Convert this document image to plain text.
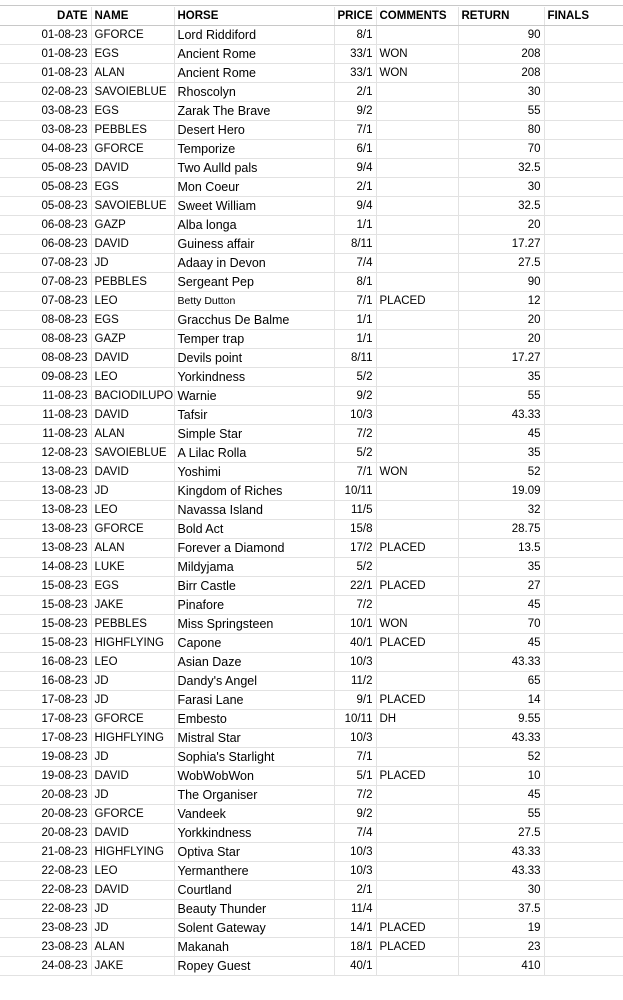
DATE	NAME	HORSE	PRICE	COMMENTS	RETURN	FINALS
01-08-23	GFORCE	Lord Riddiford	8/1		90	
01-08-23	EGS	Ancient Rome	33/1	WON	208	
01-08-23	ALAN	Ancient Rome	33/1	WON	208	
02-08-23	SAVOIEBLUE	Rhoscolyn	2/1		30	
03-08-23	EGS	Zarak The Brave	9/2		55	
03-08-23	PEBBLES	Desert Hero	7/1		80	
04-08-23	GFORCE	Temporize	6/1		70	
05-08-23	DAVID	Two Aulld pals	9/4		32.5	
05-08-23	EGS	Mon Coeur	2/1		30	
05-08-23	SAVOIEBLUE	Sweet William	9/4		32.5	
06-08-23	GAZP	Alba longa	1/1		20	
06-08-23	DAVID	Guiness affair	8/11		17.27	
07-08-23	JD	Adaay in Devon	7/4		27.5	
07-08-23	PEBBLES	Sergeant Pep	8/1		90	
07-08-23	LEO	Betty Dutton	7/1	PLACED	12	
08-08-23	EGS	Gracchus De Balme	1/1		20	
08-08-23	GAZP	Temper trap	1/1		20	
08-08-23	DAVID	Devils point	8/11		17.27	
09-08-23	LEO	Yorkindness	5/2		35	
11-08-23	BACIODILUPO	Warnie	9/2		55	
11-08-23	DAVID	Tafsir	10/3		43.33	
11-08-23	ALAN	Simple Star	7/2		45	
12-08-23	SAVOIEBLUE	A Lilac Rolla	5/2		35	
13-08-23	DAVID	Yoshimi	7/1	WON	52	
13-08-23	JD	Kingdom of Riches	10/11		19.09	
13-08-23	LEO	Navassa Island	11/5		32	
13-08-23	GFORCE	Bold Act	15/8		28.75	
13-08-23	ALAN	Forever a Diamond	17/2	PLACED	13.5	
14-08-23	LUKE	Mildyjama	5/2		35	
15-08-23	EGS	Birr Castle	22/1	PLACED	27	
15-08-23	JAKE	Pinafore	7/2		45	
15-08-23	PEBBLES	Miss Springsteen	10/1	WON	70	
15-08-23	HIGHFLYING	Capone	40/1	PLACED	45	
16-08-23	LEO	Asian Daze	10/3		43.33	
16-08-23	JD	Dandy's Angel	11/2		65	
17-08-23	JD	Farasi Lane	9/1	PLACED	14	
17-08-23	GFORCE	Embesto	10/11	DH	9.55	
17-08-23	HIGHFLYING	Mistral Star	10/3		43.33	
19-08-23	JD	Sophia's Starlight	7/1		52	
19-08-23	DAVID	WobWobWon	5/1	PLACED	10	
20-08-23	JD	The Organiser	7/2		45	
20-08-23	GFORCE	Vandeek	9/2		55	
20-08-23	DAVID	Yorkkindness	7/4		27.5	
21-08-23	HIGHFLYING	Optiva Star	10/3		43.33	
22-08-23	LEO	Yermanthere	10/3		43.33	
22-08-23	DAVID	Courtland	2/1		30	
22-08-23	JD	Beauty Thunder	11/4		37.5	
23-08-23	JD	Solent Gateway	14/1	PLACED	19	
23-08-23	ALAN	Makanah	18/1	PLACED	23	
24-08-23	JAKE	Ropey Guest	40/1		410	
